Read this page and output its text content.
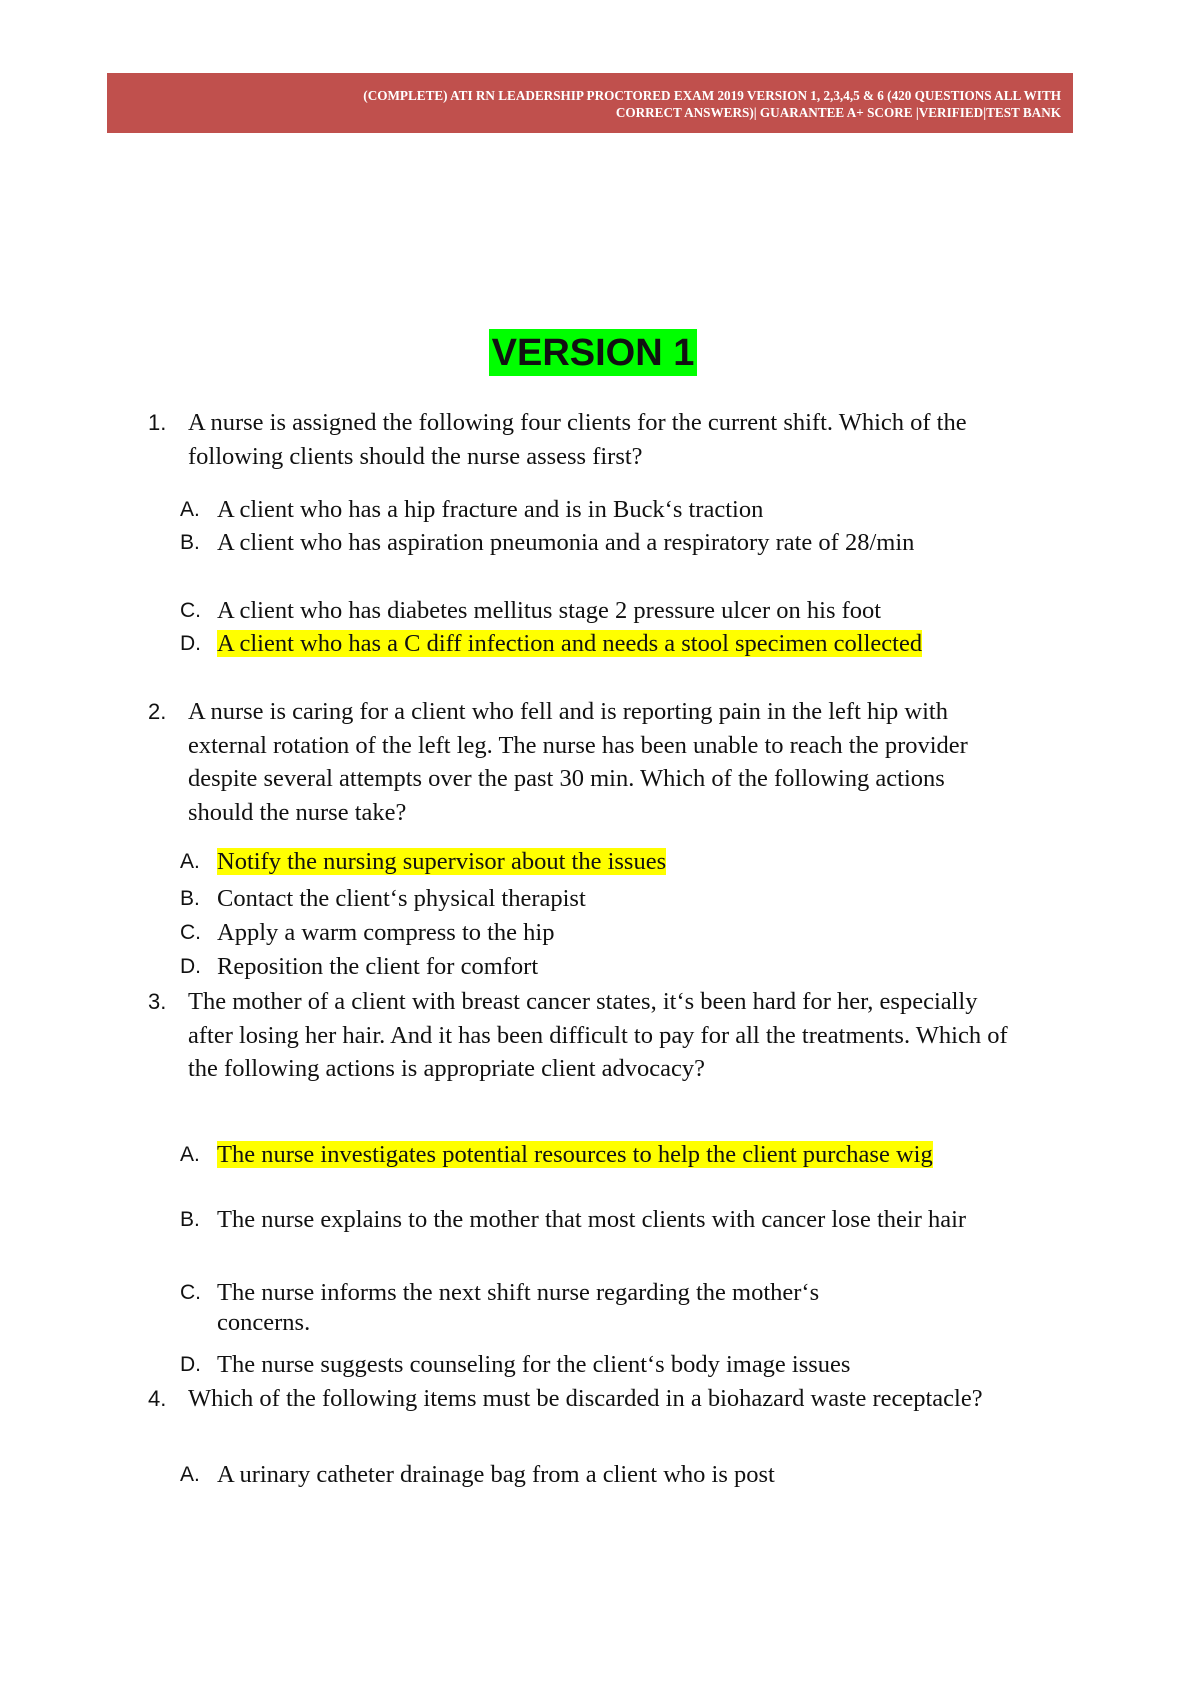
(COMPLETE) ATI RN LEADERSHIP PROCTORED EXAM 2019 VERSION 1, 2,3,4,5 & 6 (420 QUESTIONS ALL WITH
CORRECT ANSWERS)| GUARANTEE A+ SCORE |VERIFIED|TEST BANK
VERSION 1
1. A nurse is assigned the following four clients for the current shift. Which of the following clients should the nurse assess first?
A. A client who has a hip fracture and is in Buck‘s traction
B. A client who has aspiration pneumonia and a respiratory rate of 28/min
C. A client who has diabetes mellitus stage 2 pressure ulcer on his foot
D. A client who has a C diff infection and needs a stool specimen collected
2. A nurse is caring for a client who fell and is reporting pain in the left hip with external rotation of the left leg. The nurse has been unable to reach the provider despite several attempts over the past 30 min. Which of the following actions should the nurse take?
A. Notify the nursing supervisor about the issues
B. Contact the client‘s physical therapist
C. Apply a warm compress to the hip
D. Reposition the client for comfort
3. The mother of a client with breast cancer states, it‘s been hard for her, especially after losing her hair. And it has been difficult to pay for all the treatments. Which of the following actions is appropriate client advocacy?
A. The nurse investigates potential resources to help the client purchase wig
B. The nurse explains to the mother that most clients with cancer lose their hair
C. The nurse informs the next shift nurse regarding the mother‘s concerns.
D. The nurse suggests counseling for the client‘s body image issues
4. Which of the following items must be discarded in a biohazard waste receptacle?
A. A urinary catheter drainage bag from a client who is post
